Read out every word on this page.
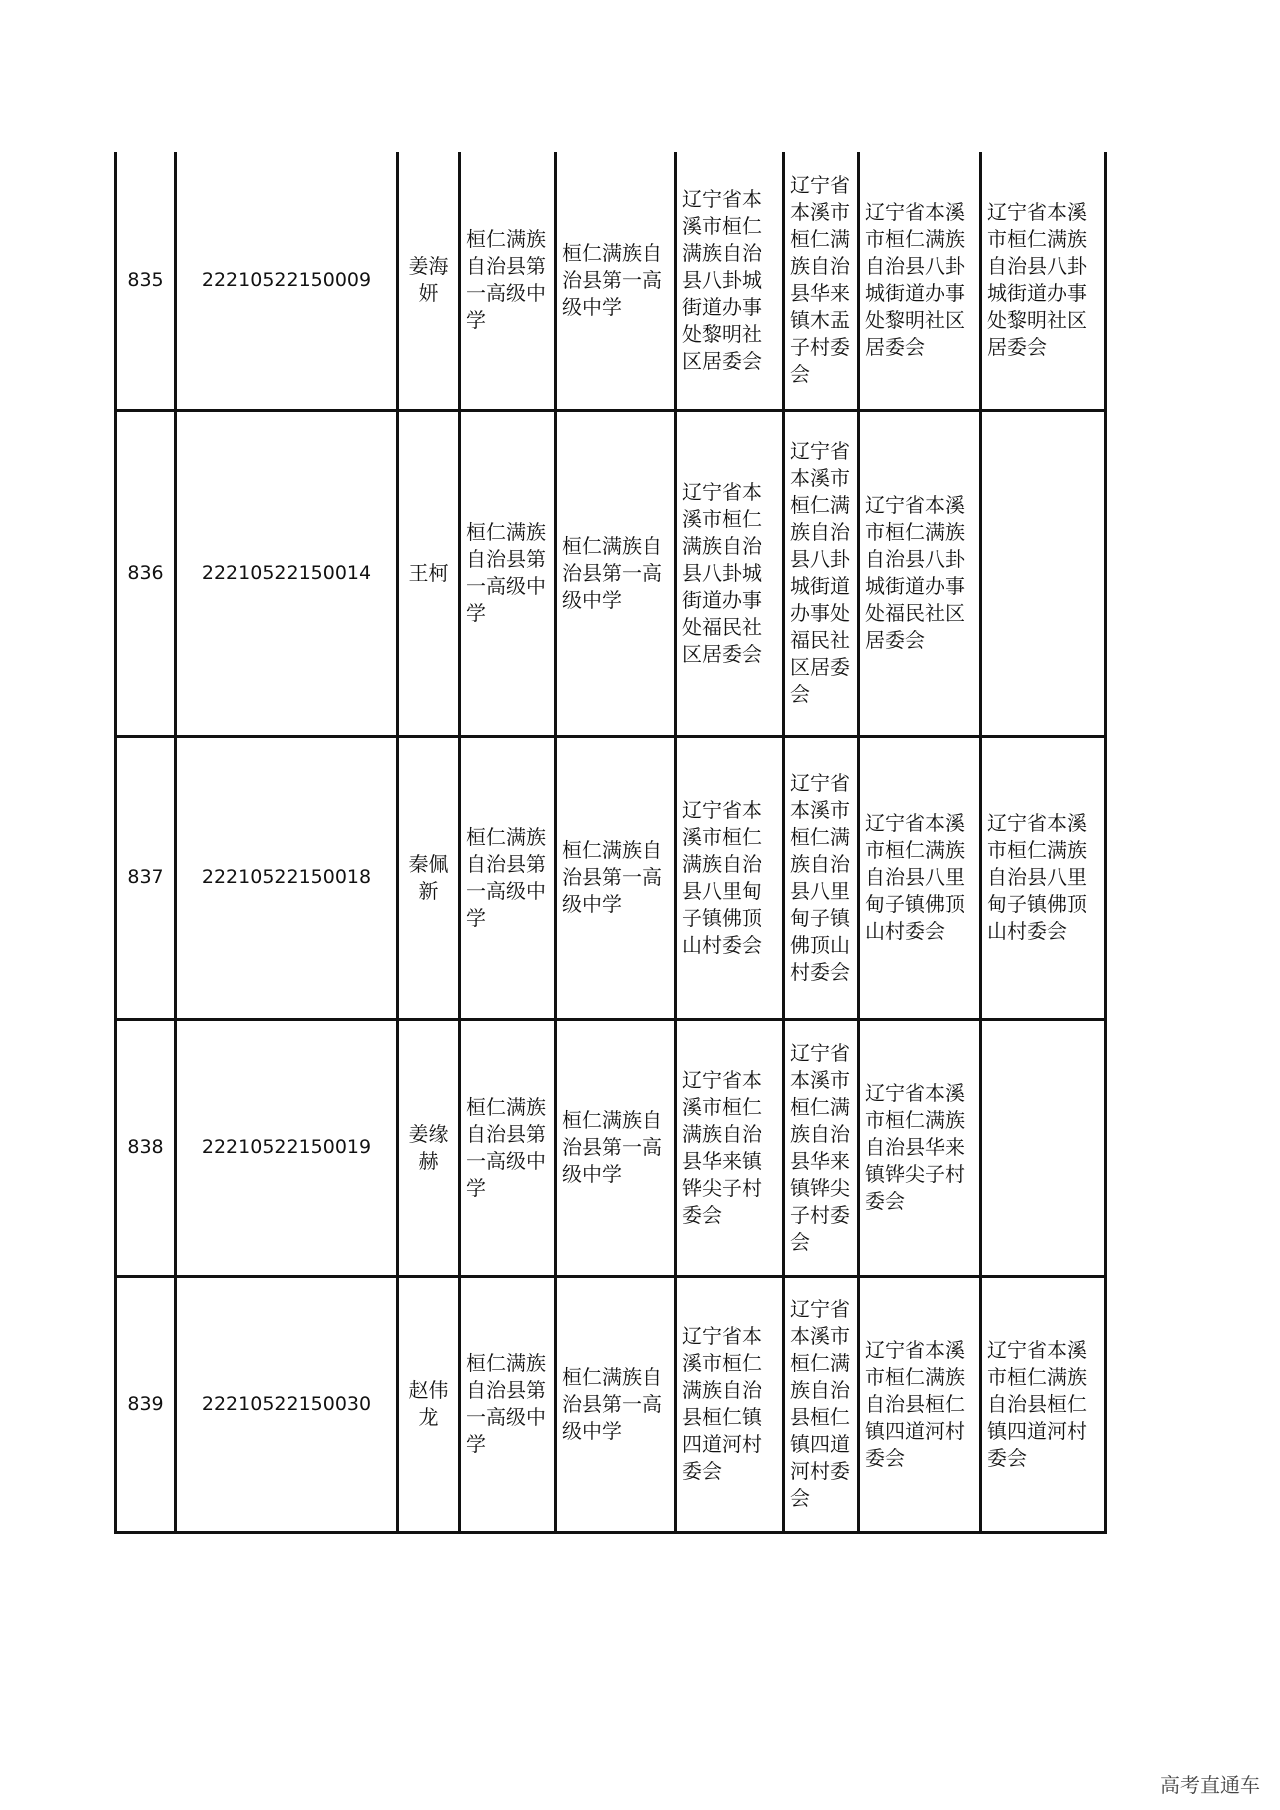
835	22210522150009	姜海妍	桓仁满族自治县第一高级中学	桓仁满族自治县第一高级中学	辽宁省本溪市桓仁满族自治县八卦城街道办事处黎明社区居委会	辽宁省本溪市桓仁满族自治县华来镇木盂子村委会	辽宁省本溪市桓仁满族自治县八卦城街道办事处黎明社区居委会	辽宁省本溪市桓仁满族自治县八卦城街道办事处黎明社区居委会
836	22210522150014	王柯	桓仁满族自治县第一高级中学	桓仁满族自治县第一高级中学	辽宁省本溪市桓仁满族自治县八卦城街道办事处福民社区居委会	辽宁省本溪市桓仁满族自治县八卦城街道办事处福民社区居委会	辽宁省本溪市桓仁满族自治县八卦城街道办事处福民社区居委会	
837	22210522150018	秦佩新	桓仁满族自治县第一高级中学	桓仁满族自治县第一高级中学	辽宁省本溪市桓仁满族自治县八里甸子镇佛顶山村委会	辽宁省本溪市桓仁满族自治县八里甸子镇佛顶山村委会	辽宁省本溪市桓仁满族自治县八里甸子镇佛顶山村委会	辽宁省本溪市桓仁满族自治县八里甸子镇佛顶山村委会
838	22210522150019	姜缘赫	桓仁满族自治县第一高级中学	桓仁满族自治县第一高级中学	辽宁省本溪市桓仁满族自治县华来镇铧尖子村委会	辽宁省本溪市桓仁满族自治县华来镇铧尖子村委会	辽宁省本溪市桓仁满族自治县华来镇铧尖子村委会	
839	22210522150030	赵伟龙	桓仁满族自治县第一高级中学	桓仁满族自治县第一高级中学	辽宁省本溪市桓仁满族自治县桓仁镇四道河村委会	辽宁省本溪市桓仁满族自治县桓仁镇四道河村委会	辽宁省本溪市桓仁满族自治县桓仁镇四道河村委会	辽宁省本溪市桓仁满族自治县桓仁镇四道河村委会
高考直通车
